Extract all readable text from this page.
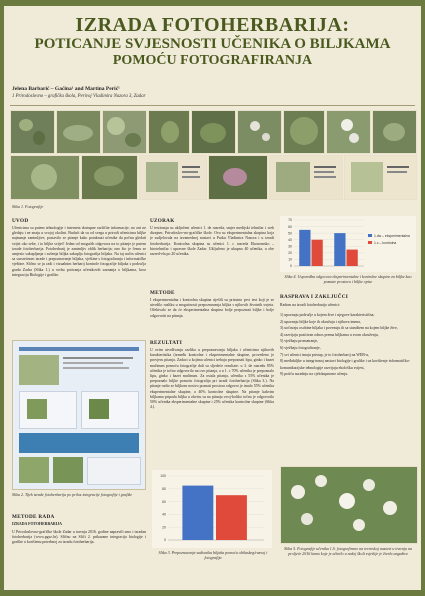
IZRADA FOTOHERBARIJA:
POTICANJE SVJESNOSTI UČENIKA O BILJKAMA
POMOĆU FOTOGRAFIRANJA
Jelena Barbarić – Gaćina¹ and Martina Perić¹
1 Prirodoslovno – grafička škola, Perivoj Vladimira Nazora 3, Zadar
Slika 1. Fotografije
UVOD
Učenicima su putem tehnologije i interneta dostupne različite informacije, no oni ne gledaju i ne znaju u svojoj okolini. Budući da su od svega u prirodi učenicima biljke najmanje zanimljive, postavilo se pitanje kako potaknuti učenike da počnu gledati svijet oko sebe, i to biljke svijet? Jedan od mogućih odgovora na to pitanje je putem izrade fotoherbarija. Fotoherbarij je zanimljiv oblik herbarija; ono što je čemu se umjesto sakupljanja i sušenja biljka sakuplja fotografija biljaka. Na taj način učenici sa sursrećnom izrade i prepoznavanje biljaka, vještine s fotografiranja i informatičke vještine. Slično se ju radi i vizualnim herbarij kontrole fotografije biljaka s područja grada Zadra (Slika 1.) u svrhu poticanja učenikovih saznanja o biljkama, kroz integraciju Biologije i grafike.
Slika 2. Tijek izrade fotoherbarija po priloz integracije fotografije i grafike
METODE RADA
IZRADA FOTOHERBARIJA
U Prirodoslovno-grafičke škole Zadar u travnju 2016. godine napravili smo i izradan fotoherbarija (www.pgsz.hr). Slično na Sliči 2. prikazane integracija biologije i grafike u korištenu potrebnoj za izradu fotoherbarija.
UZORAK
U testiranju su uključeni učenici 1. de razreda, smjer medijski tehničar i web dizajner, Prirodoslov-no-grafičke škole. Ova su eksperimentalna skupina koja je sudjelovala na izvanrednoj nastavi u Parku Vladimira Nazora i u izradi fotoherbarija. Kontrolna skupina su učenici 1. c razreda Ekonomsko – birotehničar i upravne škole Zadar. Uključeno je ukupno 40 učenika, u obe razred-ela po 20 učenika.
METODE
I eksperimentalna i kontrolna skupina riješili su prisutno prvi test koji je se utvrdilo razliku u mogućnosti prepoznavanja biljka s njihovih životnih uvjeta. Očekivalo se da će eksperimentalna skupina bolje prepoznati biljke i bolje odgovoriti na pitanja.
REZULTATI
U ovim utvrđivanju razlika u prepoznavanju biljaka i učenicima njihovih karakteristika (između kontrolne i eksperimentalne skupine, provedeno je provjeru pitanja. Zadaci u kojima učenici trebaju prepoznati lipu, ginko i bazei mačinum pomoću fotografije dali su sljedeće rezultate: u 3. de razredu 85% učenika je točno odgovorilo na ovo pitanja, a u 1. c 70% učenika je prepoznalo lipu, ginko i bazei mačinum. Za ostala pitanja, učenika s 55% učenika je prepoznalo biljke pomoću fotografija pri izradi fotoherbarija (Slika 3.). Na pitanje radio se biljkom nosivo poznati prostora odgovor je imalo 55% učenika eksperimentalne skupine, a 40% kontrolne skupine. Na pitanje kakvim biljkama pripadu biljka u okviru su na pitanju ovoj-koliko točno je odgovorilo 50% učenika eksperimentalne skupine i 25% učenika kontrolne skupine (Slika 4.).
0
20
40
60
80
100
Slika 3. Prepoznavanje sudionika biljaka pomoću obilaskeg/razvoj i fotografija
0
10
20
30
40
50
60
70
1.dw – eksperimentalna
1.c – kontrolna
Slika 4. Usporedba odgovora eksperimentalne i kontrolne skupine za biljke kao poznate prostora i biljke opise
RASPRAVA I ZAKLJUČCI
Radom na izradi fotoherbarija učenici:
1) upoznaju područje u kojem žive i njegove karakteristična;
2) upoznaju biljke koje ih okružuju i njihova imena,
3) uočavaju osobine biljaka i povezuju ih sa staništem na kojem biljke žive,
4) razvijaju pozitivan odnos prema biljkama u svom okruženju,
5) vježbaju promatranje,
6) vježbaju fotografiranje,
7) svi učenici imaju pristup, je to fotoherbarij na WEB-u,
8) međubiljke u integriranoj nastavi biologije i grafike i uz korištenje informatičko-komunikacijske tehnologije razvijaju ekološku svijest,
9) potiču suradnju na cjelokupnome učenju.
Slika 5. Fotografije učenika 1.S. fotografirano na terenskoj nastavi u travnju na proljeće 2016 kamo koje je učinilo u našoj školi svjetlije je živela angažira
